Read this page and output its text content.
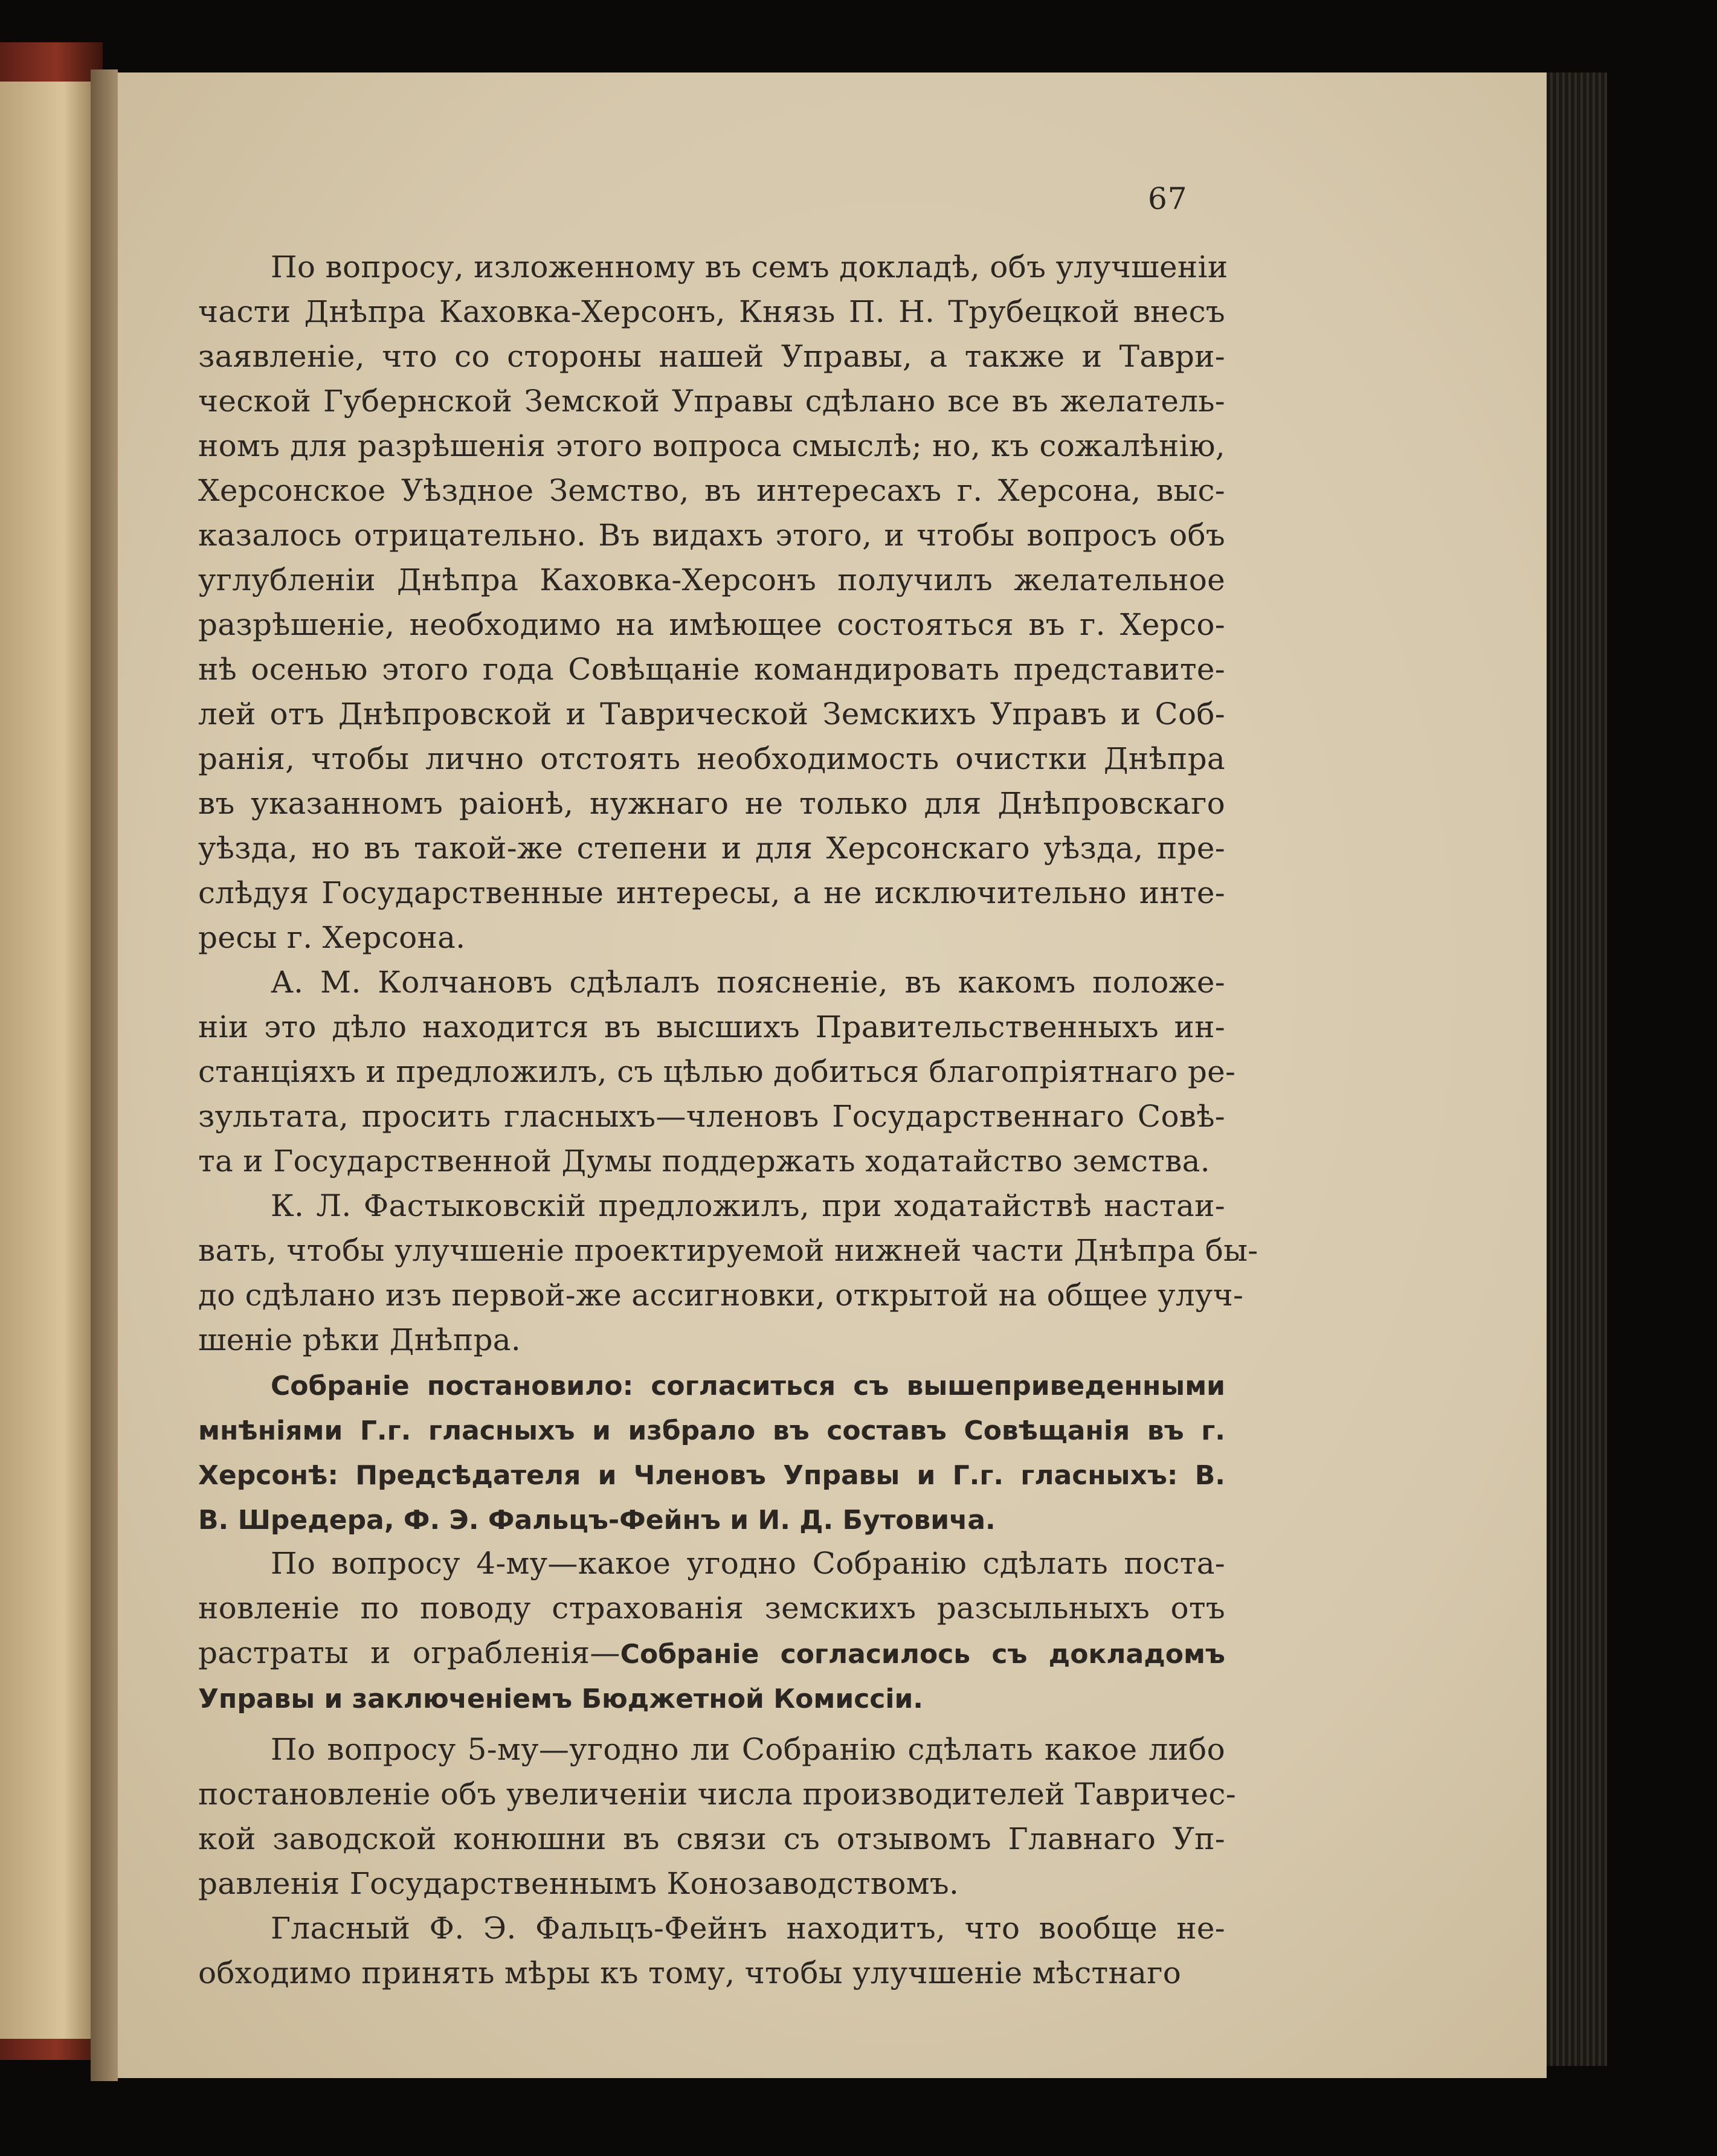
67
По вопросу, изложенному въ семъ докладѣ, объ улучшеніи
части Днѣпра Каховка-Херсонъ, Князь П. Н. Трубецкой внесъ
заявленіе, что со стороны нашей Управы, а также и Таври-
ческой Губернской Земской Управы сдѣлано все въ желатель-
номъ для разрѣшенія этого вопроса смыслѣ; но, къ сожалѣнію,
Херсонское Уѣздное Земство, въ интересахъ г. Херсона, выс-
казалось отрицательно. Въ видахъ этого, и чтобы вопросъ объ
углубленіи Днѣпра Каховка-Херсонъ получилъ желательное
разрѣшеніе, необходимо на имѣющее состояться въ г. Херсо-
нѣ осенью этого года Совѣщаніе командировать представите-
лей отъ Днѣпровской и Таврической Земскихъ Управъ и Соб-
ранія, чтобы лично отстоять необходимость очистки Днѣпра
въ указанномъ раіонѣ, нужнаго не только для Днѣпровскаго
уѣзда, но въ такой-же степени и для Херсонскаго уѣзда, пре-
слѣдуя Государственные интересы, а не исключительно инте-
ресы г. Херсона.
А. М. Колчановъ сдѣлалъ поясненіе, въ какомъ положе-
ніи это дѣло находится въ высшихъ Правительственныхъ ин-
станціяхъ и предложилъ, съ цѣлью добиться благопріятнаго ре-
зультата, просить гласныхъ—членовъ Государственнаго Совѣ-
та и Государственной Думы поддержать ходатайство земства.
К. Л. Фастыковскій предложилъ, при ходатайствѣ настаи-
вать, чтобы улучшеніе проектируемой нижней части Днѣпра бы-
до сдѣлано изъ первой-же ассигновки, открытой на общее улуч-
шеніе рѣки Днѣпра.
Собраніе постановило: согласиться съ вышеприведенными
мнѣніями Г.г. гласныхъ и избрало въ составъ Совѣщанія въ г.
Херсонѣ: Предсѣдателя и Членовъ Управы и Г.г. гласныхъ: В.
В. Шредера, Ф. Э. Фальцъ-Фейнъ и И. Д. Бутовича.
По вопросу 4-му—какое угодно Собранію сдѣлать поста-
новленіе по поводу страхованія земскихъ разсыльныхъ отъ
растраты и ограбленія—Собраніе согласилось съ докладомъ
Управы и заключеніемъ Бюджетной Комиссіи.
По вопросу 5-му—угодно ли Собранію сдѣлать какое либо
постановленіе объ увеличеніи числа производителей Тавричес-
кой заводской конюшни въ связи съ отзывомъ Главнаго Уп-
равленія Государственнымъ Конозаводствомъ.
Гласный Ф. Э. Фальцъ-Фейнъ находитъ, что вообще не-
обходимо принять мѣры къ тому, чтобы улучшеніе мѣстнаго
